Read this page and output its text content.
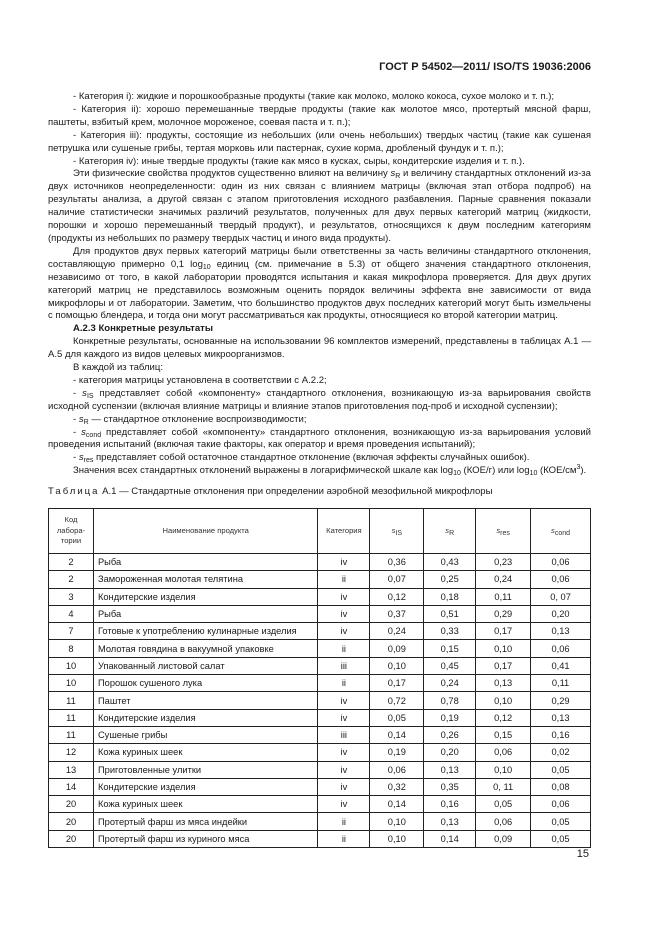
ГОСТ Р 54502—2011/ ISO/TS 19036:2006

- Категория i): жидкие и порошкообразные продукты (такие как молоко, молоко кокоса, сухое молоко и т. п.);

- Категория ii): хорошо перемешанные твердые продукты (такие как молотое мясо, протертый мясной фарш, паштеты, взбитый крем, молочное мороженое, соевая паста и т. п.);

- Категория iii): продукты, состоящие из небольших (или очень небольших) твердых частиц (такие как сушеная петрушка или сушеные грибы, тертая морковь или пастернак, сухие корма, дробленый фундук и т. п.);

- Категория iv): иные твердые продукты (такие как мясо в кусках, сыры, кондитерские изделия и т. п.).

Эти физические свойства продуктов существенно влияют на величину $s_R$ и величину стандартных отклонений из-за двух источников неопределенности: один из них связан с влиянием матрицы (включая этап отбора подпроб) на результаты анализа, а другой связан с этапом приготовления исходного разбавления. Парные сравнения показали наличие статистически значимых различий результатов, полученных для двух первых категорий матриц (жидкости, порошки и хорошо перемешанный твердый продукт), и результатов, относящихся к двум последним категориям (продукты из небольших по размеру твердых частиц и иного вида продукты).

Для продуктов двух первых категорий матрицы были ответственны за часть величины стандартного отклонения, составляющую примерно 0,1 $\log_{10}$ единиц (см. примечание в 5.3) от общего значения стандартного отклонения, независимо от того, в какой лаборатории проводятся испытания и какая микрофлора проверяется. Для двух других категорий матриц не представилось возможным оценить порядок величины эффекта вне зависимости от вида микрофлоры и от лаборатории. Заметим, что большинство продуктов двух последних категорий могут быть измельчены с помощью блендера, и тогда они могут рассматриваться как продукты, относящиеся ко второй категории матриц.

А.2.3 Конкретные результаты

Конкретные результаты, основанные на использовании 96 комплектов измерений, представлены в таблицах А.1 — А.5 для каждого из видов целевых микроорганизмов.

В каждой из таблиц:

- категория матрицы установлена в соответствии с А.2.2;

- $s_{IS}$ представляет собой «компоненту» стандартного отклонения, возникающую из-за варьирования свойств исходной суспензии (включая влияние матрицы и влияние этапов приготовления под-проб и исходной суспензии);

- $s_R$ — стандартное отклонение воспроизводимости;

- $s_{cond}$ представляет собой «компоненту» стандартного отклонения, возникающую из-за варьирования условий проведения испытаний (включая такие факторы, как оператор и время проведения испытаний);

- $s_{res}$ представляет собой остаточное стандартное отклонение (включая эффекты случайных ошибок).

Значения всех стандартных отклонений выражены в логарифмической шкале как $\log_{10} (КОЕ/г)$ или $\log_{10} (КОЕ/см^3)$.

Таблица А.1 — Стандартные отклонения при определении аэробной мезофильной микрофлоры
Код
лабора-
тории	Наименование продукта	Категория	$s_{IS}$	$s_R$	$s_{res}$	$s_{cond}$
2	Рыба	iv	0,36	0,43	0,23	0,06
2	Замороженная молотая телятина	ii	0,07	0,25	0,24	0,06
3	Кондитерские изделия	iv	0,12	0,18	0,11	0, 07
4	Рыба	iv	0,37	0,51	0,29	0,20
7	Готовые к употреблению кулинарные изделия	iv	0,24	0,33	0,17	0,13
8	Молотая говядина в вакуумной упаковке	ii	0,09	0,15	0,10	0,06
10	Упакованный листовой салат	iii	0,10	0,45	0,17	0,41
10	Порошок сушеного лука	ii	0,17	0,24	0,13	0,11
11	Паштет	iv	0,72	0,78	0,10	0,29
11	Кондитерские изделия	iv	0,05	0,19	0,12	0,13
11	Сушеные грибы	iii	0,14	0,26	0,15	0,16
12	Кожа куриных шеек	iv	0,19	0,20	0,06	0,02
13	Приготовленные улитки	iv	0,06	0,13	0,10	0,05
14	Кондитерские изделия	iv	0,32	0,35	0, 11	0,08
20	Кожа куриных шеек	iv	0,14	0,16	0,05	0,06
20	Протертый фарш из мяса индейки	ii	0,10	0,13	0,06	0,05
20	Протертый фарш из куриного мяса	ii	0,10	0,14	0,09	0,05
15
